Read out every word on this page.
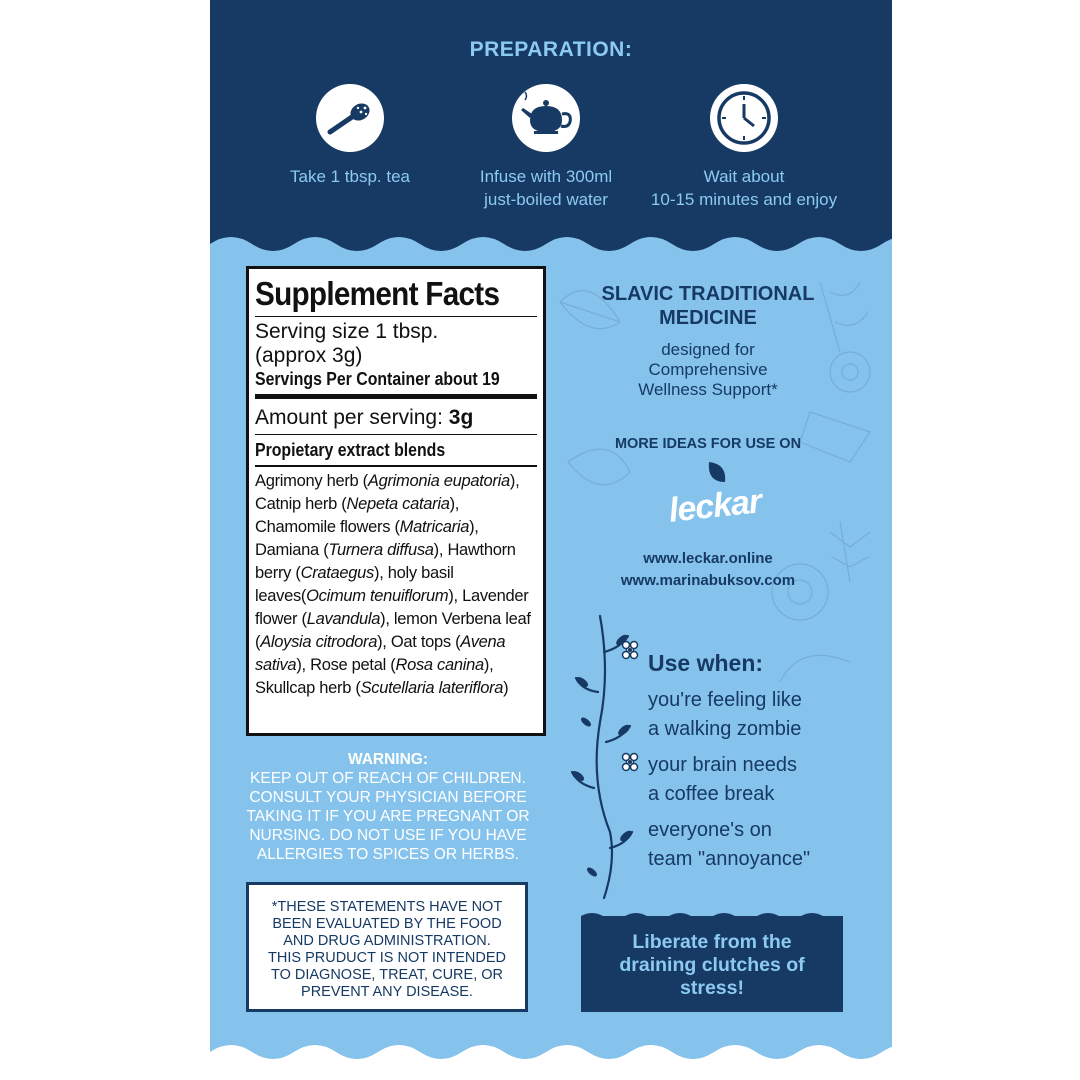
PREPARATION:
Take 1 tbsp. tea	Infuse with 300ml
just-boiled water
Wait about
10-15 minutes and enjoy
Supplement Facts
Serving size 1 tbsp.
(approx 3g)
Servings Per Container about 19
Amount per serving: 3g
Propietary extract blends
Agrimony herb (Agrimonia eupatoria), Catnip herb (Nepeta cataria), Chamomile flowers (Matricaria), Damiana (Turnera diffusa), Hawthorn berry (Crataegus), holy basil leaves(Ocimum tenuiflorum), Lavender flower (Lavandula), lemon Verbena leaf (Aloysia citrodora), Oat tops (Avena sativa), Rose petal (Rosa canina), Skullcap herb (Scutellaria lateriflora)
WARNING:
KEEP OUT OF REACH OF CHILDREN.
CONSULT YOUR PHYSICIAN BEFORE
TAKING IT IF YOU ARE PREGNANT OR
NURSING. DO NOT USE IF YOU HAVE
ALLERGIES TO SPICES OR HERBS.
*THESE STATEMENTS HAVE NOT
BEEN EVALUATED BY THE FOOD
AND DRUG ADMINISTRATION.
THIS PRUDUCT IS NOT INTENDED
TO DIAGNOSE, TREAT, CURE, OR
PREVENT ANY DISEASE.
SLAVIC TRADITIONAL
MEDICINE
designed for
Comprehensive
Wellness Support*
MORE IDEAS FOR USE ON
leckar
www.leckar.online
www.marinabuksov.com
Use when:
you're feeling like
a walking zombie
your brain needs
a coffee break
everyone's on
team "annoyance"
Liberate from the
draining clutches of
stress!
